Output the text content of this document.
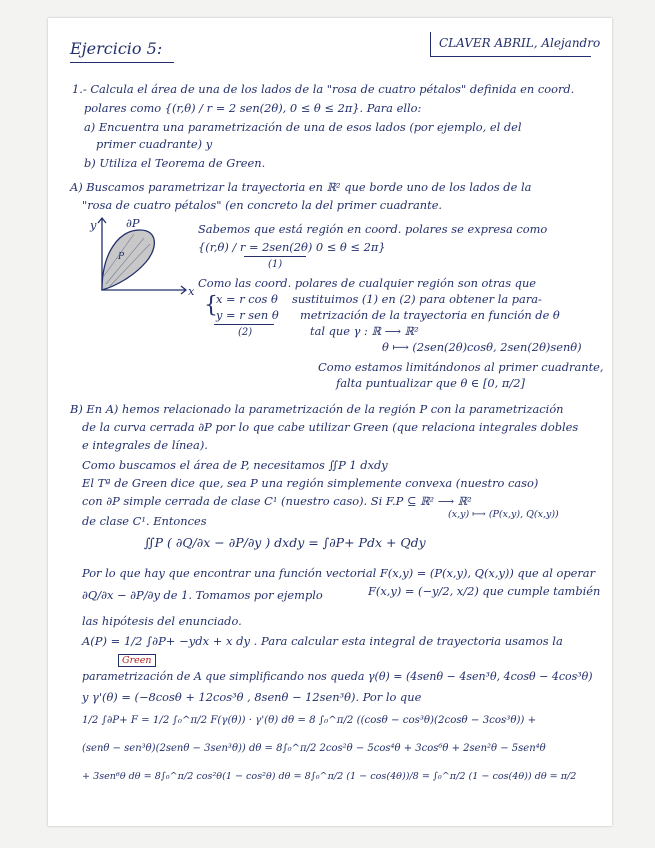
Ejercicio 5:	CLAVER ABRIL, Alejandro
1.- Calcula el área de una de los lados de la "rosa de cuatro pétalos" definida en coord.
polares como {(r,θ) / r = 2 sen(2θ), 0 ≤ θ ≤ 2π}. Para ello:
a) Encuentra una parametrización de una de esos lados (por ejemplo, el del
primer cuadrante) y
b) Utiliza el Teorema de Green.
A) Buscamos parametrizar la trayectoria en ℝ² que borde uno de los lados de la
"rosa de cuatro pétalos" (en concreto la del primer cuadrante.
y
x
∂P
P
Sabemos que está región en coord. polares se expresa como
{(r,θ) / r = 2sen(2θ) 0 ≤ θ ≤ 2π}
(1)
Como las coord. polares de cualquier región son otras que
{
x = r cos θ
y = r sen θ
sustituimos (1) en (2) para obtener la para-
metrización de la trayectoria en función de θ
(2)	tal que γ : ℝ ⟶ ℝ²
θ ⟼ (2sen(2θ)cosθ, 2sen(2θ)senθ)
Como estamos limitándonos al primer cuadrante,
falta puntualizar que θ ∈ [0, π/2]
B) En A) hemos relacionado la parametrización de la región P con la parametrización
de la curva cerrada ∂P por lo que cabe utilizar Green (que relaciona integrales dobles
e integrales de línea).
Como buscamos el área de P, necesitamos ∬P 1 dxdy
El Tª de Green dice que, sea P una región simplemente convexa (nuestro caso)
con ∂P simple cerrada de clase C¹ (nuestro caso). Si F.P ⊆ ℝ² ⟶ ℝ²
(x,y) ⟼ (P(x,y), Q(x,y))
de clase C¹. Entonces
∬P ( ∂Q/∂x − ∂P/∂y ) dxdy = ∫∂P+ Pdx + Qdy
Por lo que hay que encontrar una función vectorial F(x,y) = (P(x,y), Q(x,y)) que al operar
F(x,y) = (−y/2, x/2) que cumple también
∂Q/∂x − ∂P/∂y de 1. Tomamos por ejemplo
las hipótesis del enunciado.
A(P) = 1/2 ∫∂P+ −ydx + x dy . Para calcular esta integral de trayectoria usamos la
Green
parametrización de A que simplificando nos queda γ(θ) = (4senθ − 4sen³θ, 4cosθ − 4cos³θ)
y γ'(θ) = (−8cosθ + 12cos³θ , 8senθ − 12sen³θ). Por lo que
1/2 ∫∂P+ F = 1/2 ∫₀^π/2 F(γ(θ)) · γ'(θ) dθ = 8 ∫₀^π/2 ((cosθ − cos³θ)(2cosθ − 3cos³θ)) +
(senθ − sen³θ)(2senθ − 3sen³θ)) dθ = 8∫₀^π/2 2cos²θ − 5cos⁴θ + 3cos⁶θ + 2sen²θ − 5sen⁴θ
+ 3sen⁶θ dθ = 8∫₀^π/2 cos²θ(1 − cos²θ) dθ = 8∫₀^π/2 (1 − cos(4θ))/8 = ∫₀^π/2 (1 − cos(4θ)) dθ = π/2
